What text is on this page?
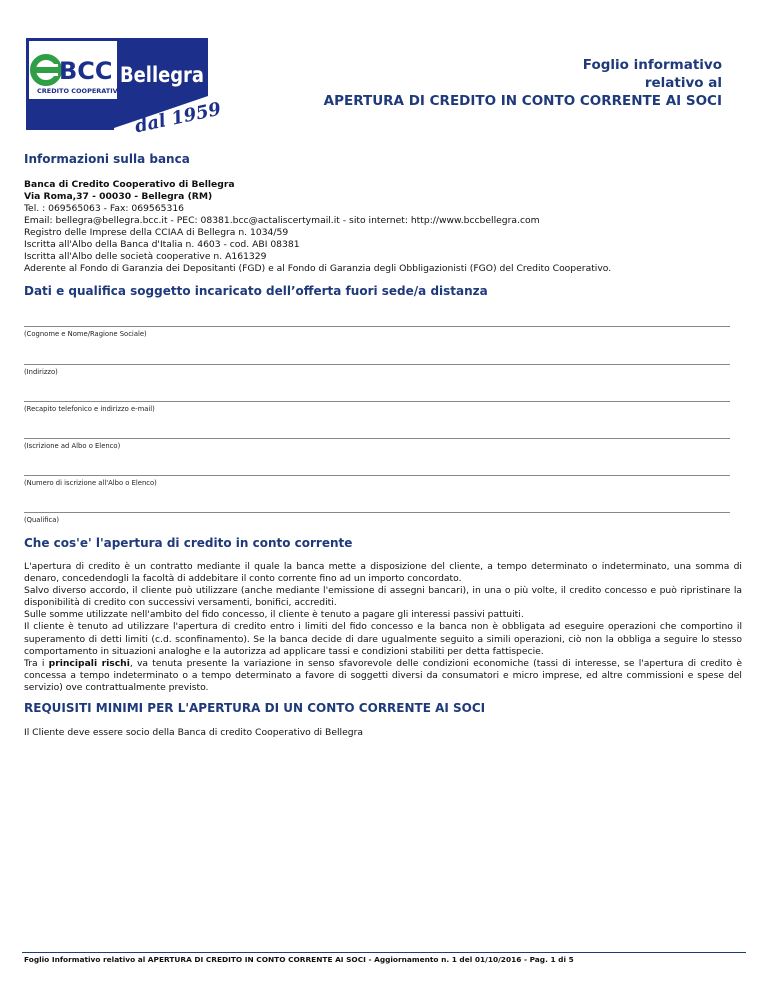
BCC
CREDITO COOPERATIVO
Bellegra
dal 1959
Foglio informativo
relativo al
APERTURA DI CREDITO IN CONTO CORRENTE AI SOCI
Informazioni sulla banca
Banca di Credito Cooperativo di Bellegra
Via Roma,37 - 00030 - Bellegra (RM)
Tel. : 069565063 - Fax: 069565316
Email: bellegra@bellegra.bcc.it - PEC: 08381.bcc@actaliscertymail.it - sito internet: http://www.bccbellegra.com
Registro delle Imprese della CCIAA di Bellegra n. 1034/59
Iscritta all'Albo della Banca d'Italia n. 4603 - cod. ABI 08381
Iscritta all'Albo delle società cooperative n. A161329
Aderente al Fondo di Garanzia dei Depositanti (FGD) e al Fondo di Garanzia degli Obbligazionisti (FGO) del Credito Cooperativo.
Dati e qualifica soggetto incaricato dell’offerta fuori sede/a distanza
(Cognome e Nome/Ragione Sociale)
(Indirizzo)
(Recapito telefonico e indirizzo e-mail)
(Iscrizione ad Albo o Elenco)
(Numero di iscrizione all'Albo o Elenco)
(Qualifica)
Che cos'e' l'apertura di credito in conto corrente

L'apertura di credito è un contratto mediante il quale la banca mette a disposizione del cliente, a tempo determinato o indeterminato, una somma di denaro, concedendogli la facoltà di addebitare il conto corrente fino ad un importo concordato.

Salvo diverso accordo, il cliente può utilizzare (anche mediante l'emissione di assegni bancari), in una o più volte, il credito concesso e può ripristinare la disponibilità di credito con successivi versamenti, bonifici, accrediti.

Sulle somme utilizzate nell'ambito del fido concesso, il cliente è tenuto a pagare gli interessi passivi pattuiti.

Il cliente è tenuto ad utilizzare l'apertura di credito entro i limiti del fido concesso e la banca non è obbligata ad eseguire operazioni che comportino il superamento di detti limiti (c.d. sconfinamento). Se la banca decide di dare ugualmente seguito a simili operazioni, ciò non la obbliga a seguire lo stesso comportamento in situazioni analoghe e la autorizza ad applicare tassi e condizioni stabiliti per detta fattispecie.

Tra i principali rischi, va tenuta presente la variazione in senso sfavorevole delle condizioni economiche (tassi di interesse, se l'apertura di credito è concessa a tempo indeterminato o a tempo determinato a favore di soggetti diversi da consumatori e micro imprese, ed altre commissioni e spese del servizio) ove contrattualmente previsto.

REQUISITI MINIMI PER L'APERTURA DI UN CONTO CORRENTE AI SOCI

Il Cliente deve essere socio della Banca di credito Cooperativo di Bellegra

Foglio Informativo relativo al APERTURA DI CREDITO IN CONTO CORRENTE AI SOCI - Aggiornamento n. 1 del 01/10/2016 - Pag. 1 di 5
